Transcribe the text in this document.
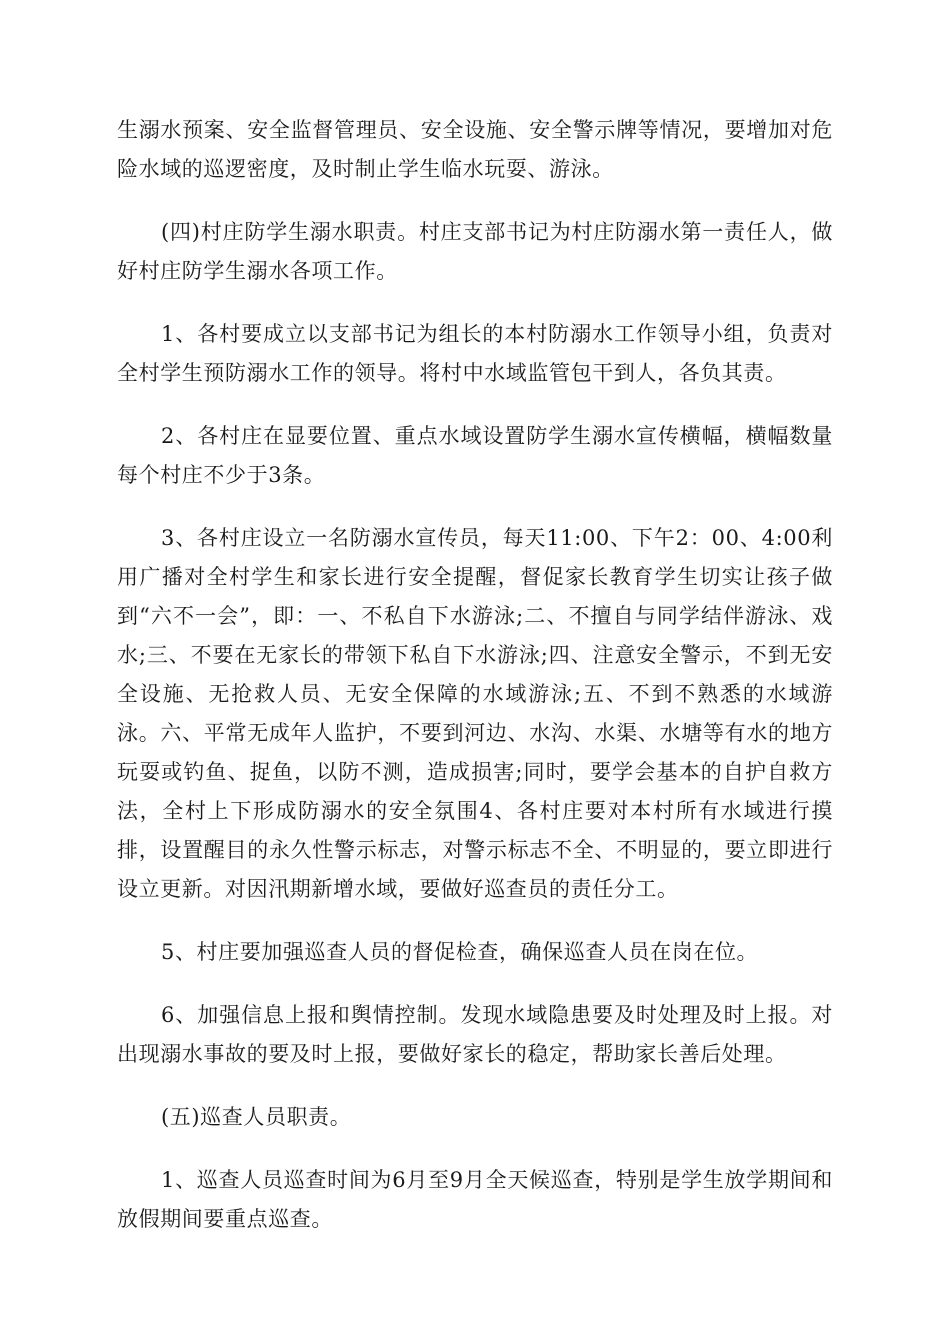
生溺水预案、安全监督管理员、安全设施、安全警示牌等情况，要增加对危险水域的巡逻密度，及时制止学生临水玩耍、游泳。

(四)村庄防学生溺水职责。村庄支部书记为村庄防溺水第一责任人，做好村庄防学生溺水各项工作。

1、各村要成立以支部书记为组长的本村防溺水工作领导小组，负责对全村学生预防溺水工作的领导。将村中水域监管包干到人，各负其责。

2、各村庄在显要位置、重点水域设置防学生溺水宣传横幅，横幅数量每个村庄不少于3条。

3、各村庄设立一名防溺水宣传员，每天11:00、下午2：00、4:00利用广播对全村学生和家长进行安全提醒，督促家长教育学生切实让孩子做到“六不一会”，即：一、不私自下水游泳;二、不擅自与同学结伴游泳、戏水;三、不要在无家长的带领下私自下水游泳;四、注意安全警示，不到无安全设施、无抢救人员、无安全保障的水域游泳;五、不到不熟悉的水域游泳。六、平常无成年人监护，不要到河边、水沟、水渠、水塘等有水的地方玩耍或钓鱼、捉鱼，以防不测，造成损害;同时，要学会基本的自护自救方法，全村上下形成防溺水的安全氛围4、各村庄要对本村所有水域进行摸排，设置醒目的永久性警示标志，对警示标志不全、不明显的，要立即进行设立更新。对因汛期新增水域，要做好巡查员的责任分工。

5、村庄要加强巡查人员的督促检查，确保巡查人员在岗在位。

6、加强信息上报和舆情控制。发现水域隐患要及时处理及时上报。对出现溺水事故的要及时上报，要做好家长的稳定，帮助家长善后处理。

(五)巡查人员职责。

1、巡查人员巡查时间为6月至9月全天候巡查，特别是学生放学期间和放假期间要重点巡查。
